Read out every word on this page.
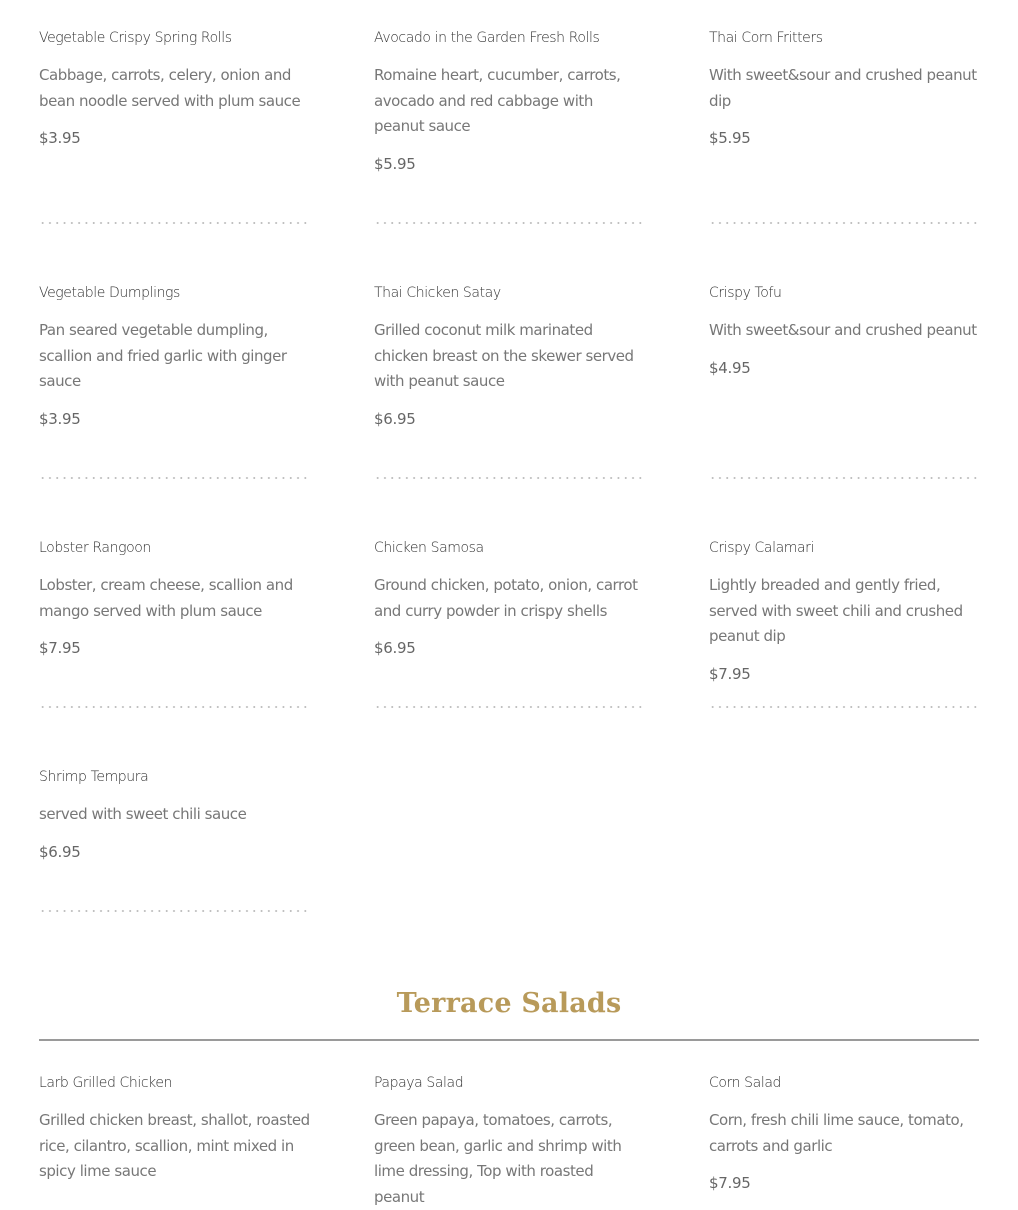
Vegetable Crispy Spring Rolls

Cabbage, carrots, celery, onion and bean noodle served with plum sauce

$3.95

Avocado in the Garden Fresh Rolls

Romaine heart, cucumber, carrots, avocado and red cabbage with peanut sauce

$5.95

Thai Corn Fritters

With sweet&sour and crushed peanut dip

$5.95

Vegetable Dumplings

Pan seared vegetable dumpling, scallion and fried garlic with ginger sauce

$3.95

Thai Chicken Satay

Grilled coconut milk marinated chicken breast on the skewer served with peanut sauce

$6.95

Crispy Tofu

With sweet&sour and crushed peanut

$4.95

Lobster Rangoon

Lobster, cream cheese, scallion and mango served with plum sauce

$7.95

Chicken Samosa

Ground chicken, potato, onion, carrot and curry powder in crispy shells

$6.95

Crispy Calamari

Lightly breaded and gently fried, served with sweet chili and crushed peanut dip

$7.95

Shrimp Tempura

served with sweet chili sauce

$6.95

Terrace Salads

Larb Grilled Chicken

Grilled chicken breast, shallot, roasted rice, cilantro, scallion, mint mixed in spicy lime sauce

Papaya Salad

Green papaya, tomatoes, carrots, green bean, garlic and shrimp with lime dressing, Top with roasted peanut

Corn Salad

Corn, fresh chili lime sauce, tomato, carrots and garlic

$7.95
